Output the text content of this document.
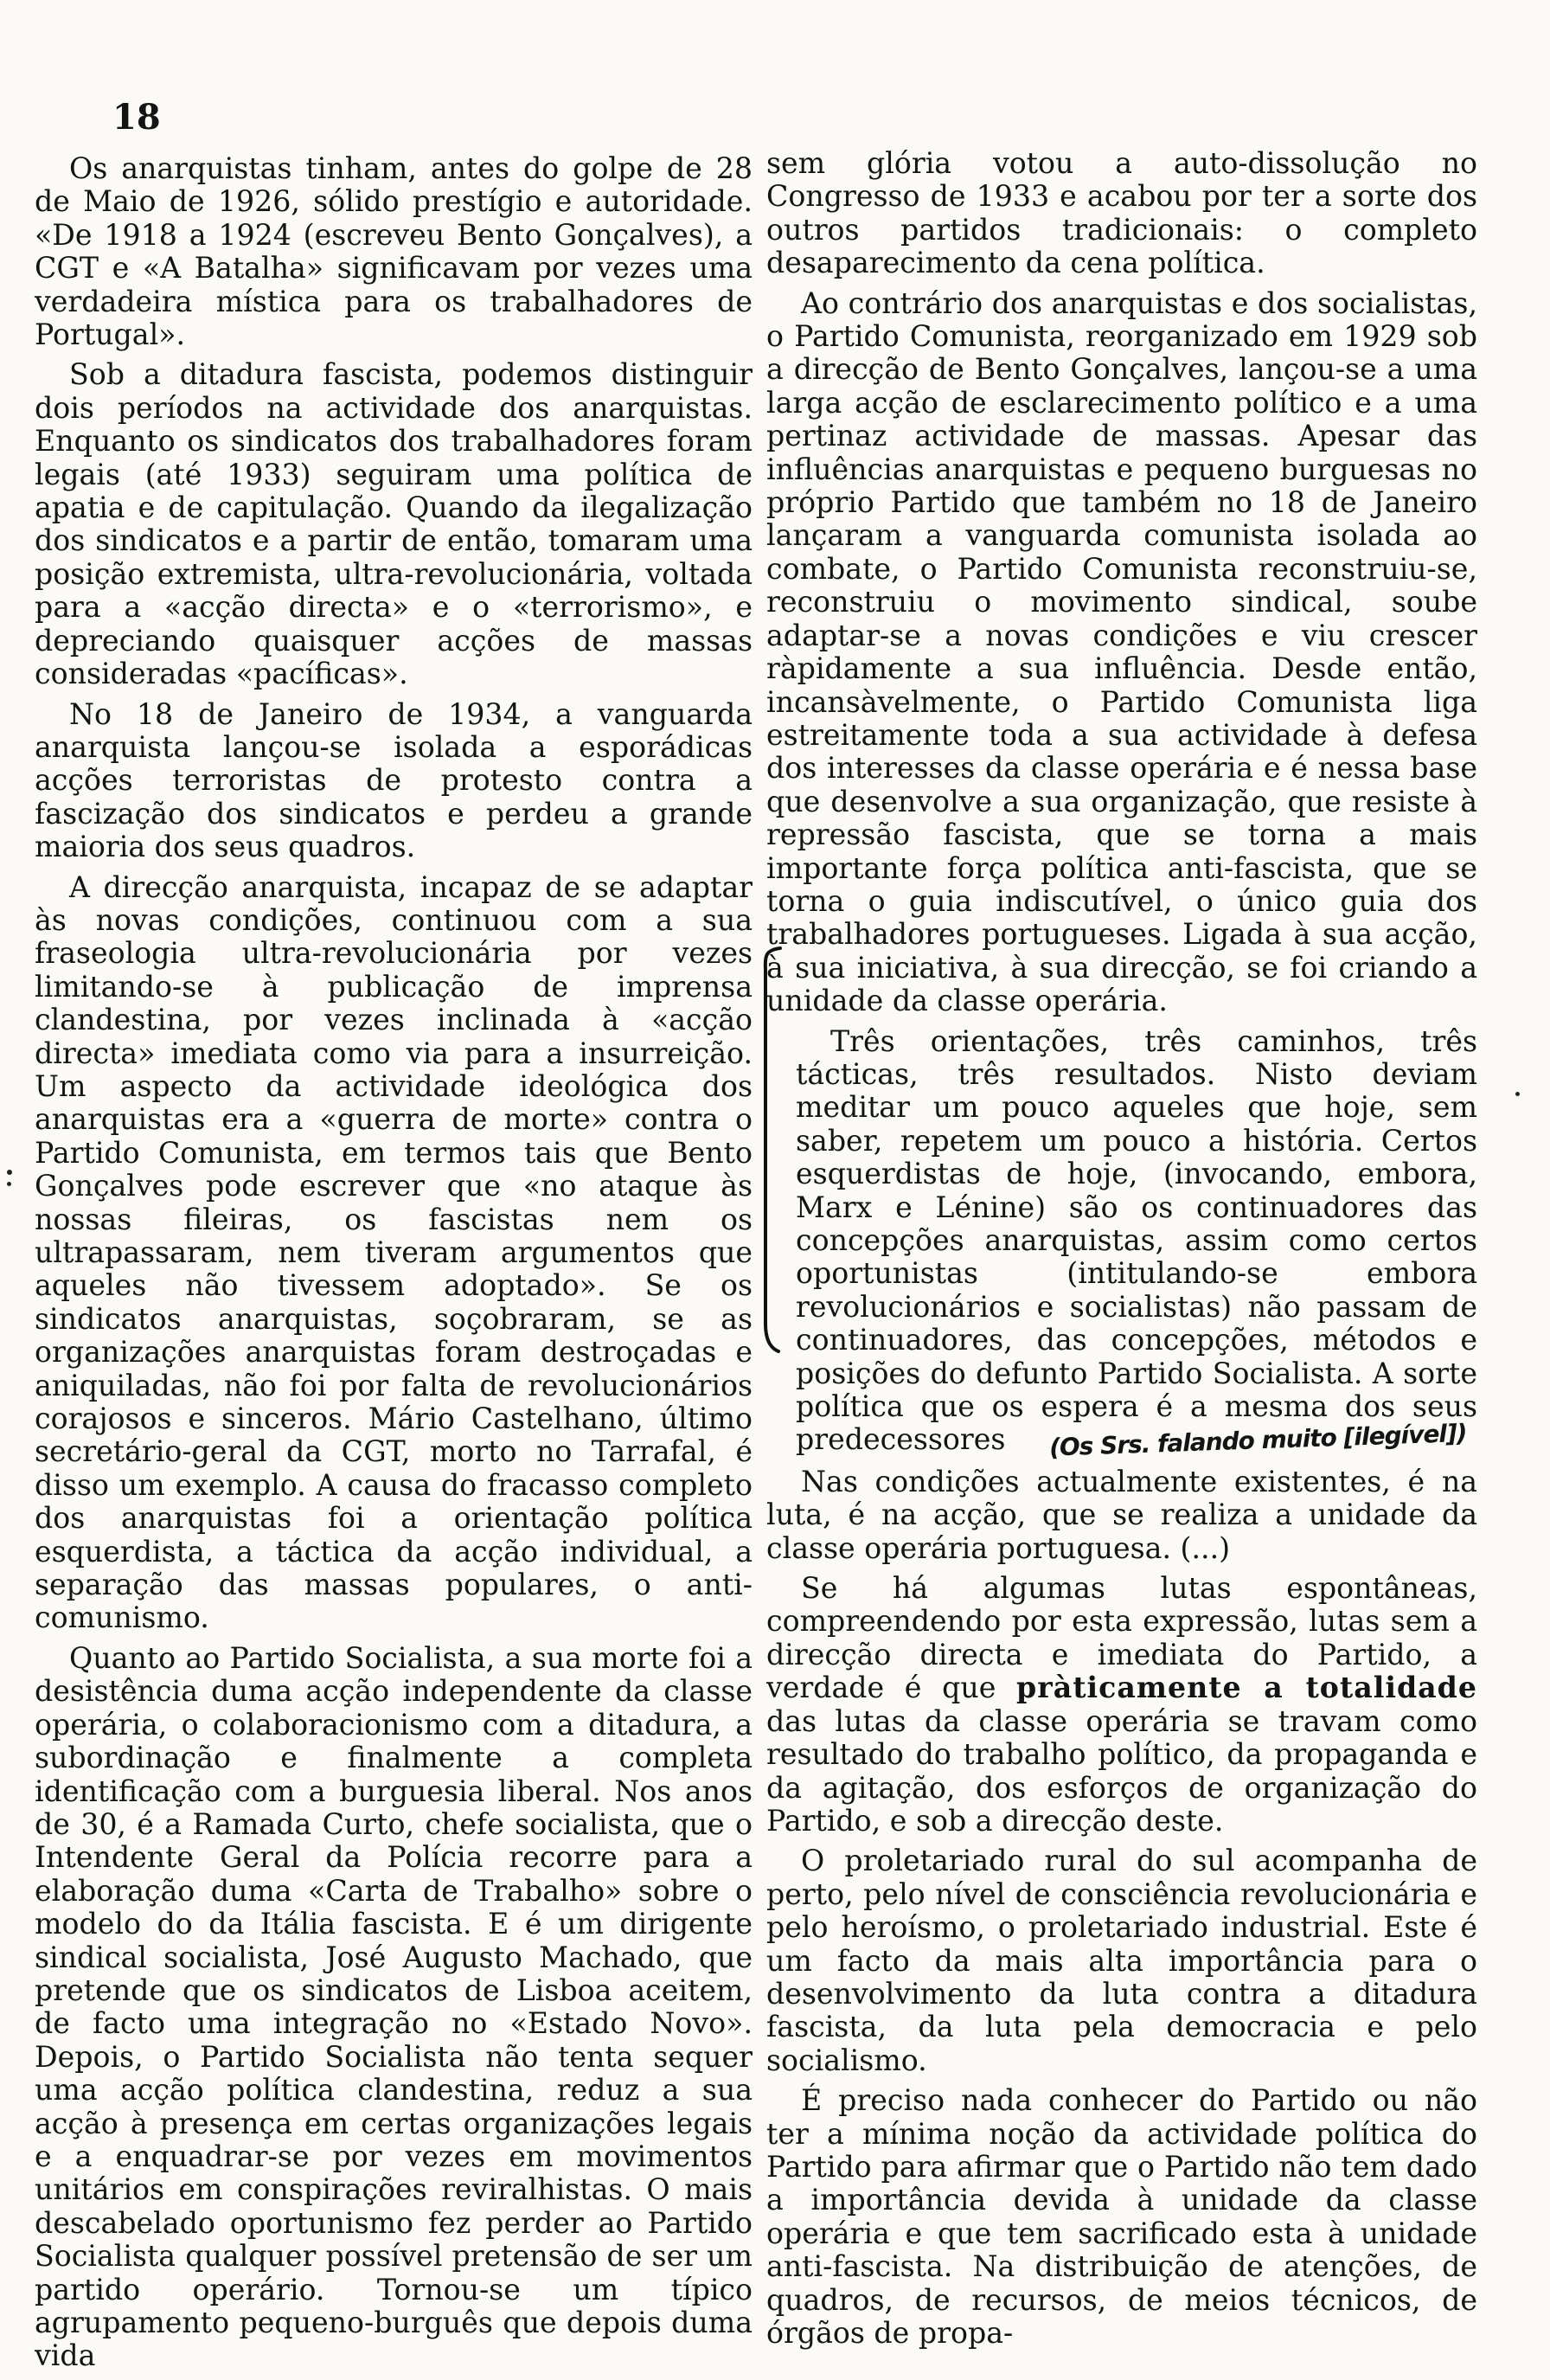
18

Os anarquistas tinham, antes do golpe de 28 de Maio de 1926, sólido prestígio e autoridade. «De 1918 a 1924 (escreveu Bento Gonçalves), a CGT e «A Batalha» significavam por vezes uma verdadeira mística para os trabalhadores de Portugal».

Sob a ditadura fascista, podemos distinguir dois períodos na actividade dos anarquistas. Enquanto os sindicatos dos trabalhadores foram legais (até 1933) seguiram uma política de apatia e de capitulação. Quando da ilegalização dos sindicatos e a partir de então, tomaram uma posição extremista, ultra-revolucionária, voltada para a «acção directa» e o «terrorismo», e depreciando quaisquer acções de massas consideradas «pacíficas».

No 18 de Janeiro de 1934, a vanguarda anarquista lançou-se isolada a esporádicas acções terroristas de protesto contra a fascização dos sindicatos e perdeu a grande maioria dos seus quadros.

A direcção anarquista, incapaz de se adaptar às novas condições, continuou com a sua fraseologia ultra-revolucionária por vezes limitando-se à publicação de imprensa clandestina, por vezes inclinada à «acção directa» imediata como via para a insurreição. Um aspecto da actividade ideológica dos anarquistas era a «guerra de morte» contra o Partido Comunista, em termos tais que Bento Gonçalves pode escrever que «no ataque às nossas fileiras, os fascistas nem os ultrapassaram, nem tiveram argumentos que aqueles não tivessem adoptado». Se os sindicatos anarquistas, soçobraram, se as organizações anarquistas foram destroçadas e aniquiladas, não foi por falta de revolucionários corajosos e sinceros. Mário Castelhano, último secretário-geral da CGT, morto no Tarrafal, é disso um exemplo. A causa do fracasso completo dos anarquistas foi a orientação política esquerdista, a táctica da acção individual, a separação das massas populares, o anti-comunismo.

Quanto ao Partido Socialista, a sua morte foi a desistência duma acção independente da classe operária, o colaboracionismo com a ditadura, a subordinação e finalmente a completa identificação com a burguesia liberal. Nos anos de 30, é a Ramada Curto, chefe socialista, que o Intendente Geral da Polícia recorre para a elaboração duma «Carta de Trabalho» sobre o modelo do da Itália fascista. E é um dirigente sindical socialista, José Augusto Machado, que pretende que os sindicatos de Lisboa aceitem, de facto uma integração no «Estado Novo». Depois, o Partido Socialista não tenta sequer uma acção política clandestina, reduz a sua acção à presença em certas organizações legais e a enquadrar-se por vezes em movimentos unitários em conspirações reviralhistas. O mais descabelado oportunismo fez perder ao Partido Socialista qualquer possível pretensão de ser um partido operário. Tornou-se um típico agrupamento pequeno-burguês que depois duma vida

sem glória votou a auto-dissolução no Congresso de 1933 e acabou por ter a sorte dos outros partidos tradicionais: o completo desaparecimento da cena política.

Ao contrário dos anarquistas e dos socialistas, o Partido Comunista, reorganizado em 1929 sob a direcção de Bento Gonçalves, lançou-se a uma larga acção de esclarecimento político e a uma pertinaz actividade de massas. Apesar das influências anarquistas e pequeno burguesas no próprio Partido que também no 18 de Janeiro lançaram a vanguarda comunista isolada ao combate, o Partido Comunista reconstruiu-se, reconstruiu o movimento sindical, soube adaptar-se a novas condições e viu crescer ràpidamente a sua influência. Desde então, incansàvelmente, o Partido Comunista liga estreitamente toda a sua actividade à defesa dos interesses da classe operária e é nessa base que desenvolve a sua organização, que resiste à repressão fascista, que se torna a mais importante força política anti-fascista, que se torna o guia indiscutível, o único guia dos trabalhadores portugueses. Ligada à sua acção, à sua iniciativa, à sua direcção, se foi criando a unidade da classe operária.

Três orientações, três caminhos, três tácticas, três resultados. Nisto deviam meditar um pouco aqueles que hoje, sem saber, repetem um pouco a história. Certos esquerdistas de hoje, (invocando, embora, Marx e Lénine) são os continuadores das concepções anarquistas, assim como certos oportunistas (intitulando-se embora revolucionários e socialistas) não passam de continuadores, das concepções, métodos e posições do defunto Partido Socialista. A sorte política que os espera é a mesma dos seus predecessores (Os Srs. falando muito [ilegível])

Nas condições actualmente existentes, é na luta, é na acção, que se realiza a unidade da classe operária portuguesa. (...)

Se há algumas lutas espontâneas, compreendendo por esta expressão, lutas sem a direcção directa e imediata do Partido, a verdade é que pràticamente a totalidade das lutas da classe operária se travam como resultado do trabalho político, da propaganda e da agitação, dos esforços de organização do Partido, e sob a direcção deste.

O proletariado rural do sul acompanha de perto, pelo nível de consciência revolucionária e pelo heroísmo, o proletariado industrial. Este é um facto da mais alta importância para o desenvolvimento da luta contra a ditadura fascista, da luta pela democracia e pelo socialismo.

É preciso nada conhecer do Partido ou não ter a mínima noção da actividade política do Partido para afirmar que o Partido não tem dado a importância devida à unidade da classe operária e que tem sacrificado esta à unidade anti-fascista. Na distribuição de atenções, de quadros, de recursos, de meios técnicos, de órgãos de propa-
